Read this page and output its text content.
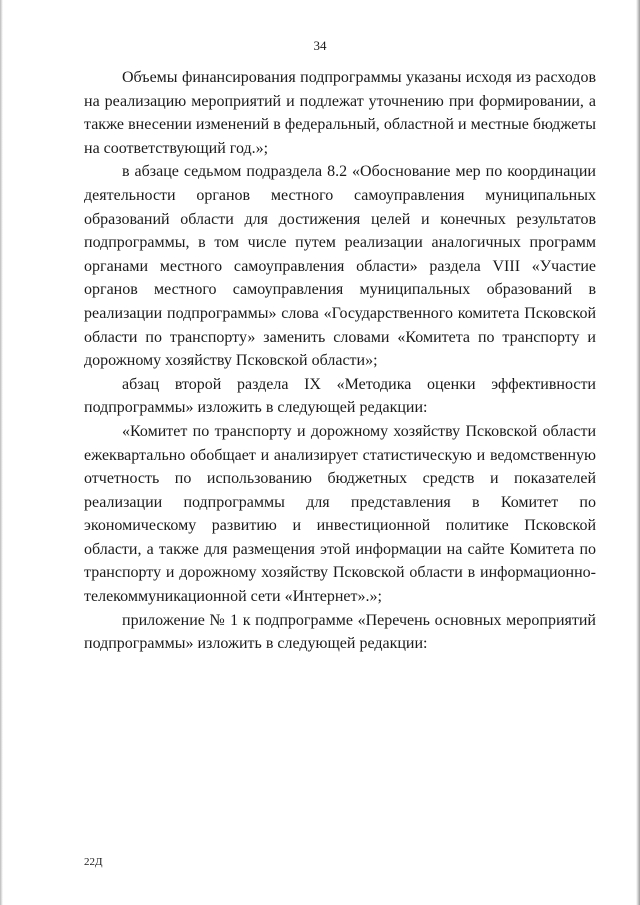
34

Объемы финансирования подпрограммы указаны исходя из расходов на реализацию мероприятий и подлежат уточнению при формировании, а также внесении изменений в федеральный, областной и местные бюджеты на соответствующий год.»;

в абзаце седьмом подраздела 8.2 «Обоснование мер по координации деятельности органов местного самоуправления муниципальных образований области для достижения целей и конечных результатов подпрограммы, в том числе путем реализации аналогичных программ органами местного самоуправления области» раздела VIII «Участие органов местного самоуправления муниципальных образований в реализации подпрограммы» слова «Государственного комитета Псковской области по транспорту» заменить словами «Комитета по транспорту и дорожному хозяйству Псковской области»;

абзац второй раздела IX «Методика оценки эффективности подпрограммы» изложить в следующей редакции:

«Комитет по транспорту и дорожному хозяйству Псковской области ежеквартально обобщает и анализирует статистическую и ведомственную отчетность по использованию бюджетных средств и показателей реализации подпрограммы для представления в Комитет по экономическому развитию и инвестиционной политике Псковской области, а также для размещения этой информации на сайте Комитета по транспорту и дорожному хозяйству Псковской области в информационно-телекоммуникационной сети «Интернет».»;

приложение № 1 к подпрограмме «Перечень основных мероприятий подпрограммы» изложить в следующей редакции:

22Д
